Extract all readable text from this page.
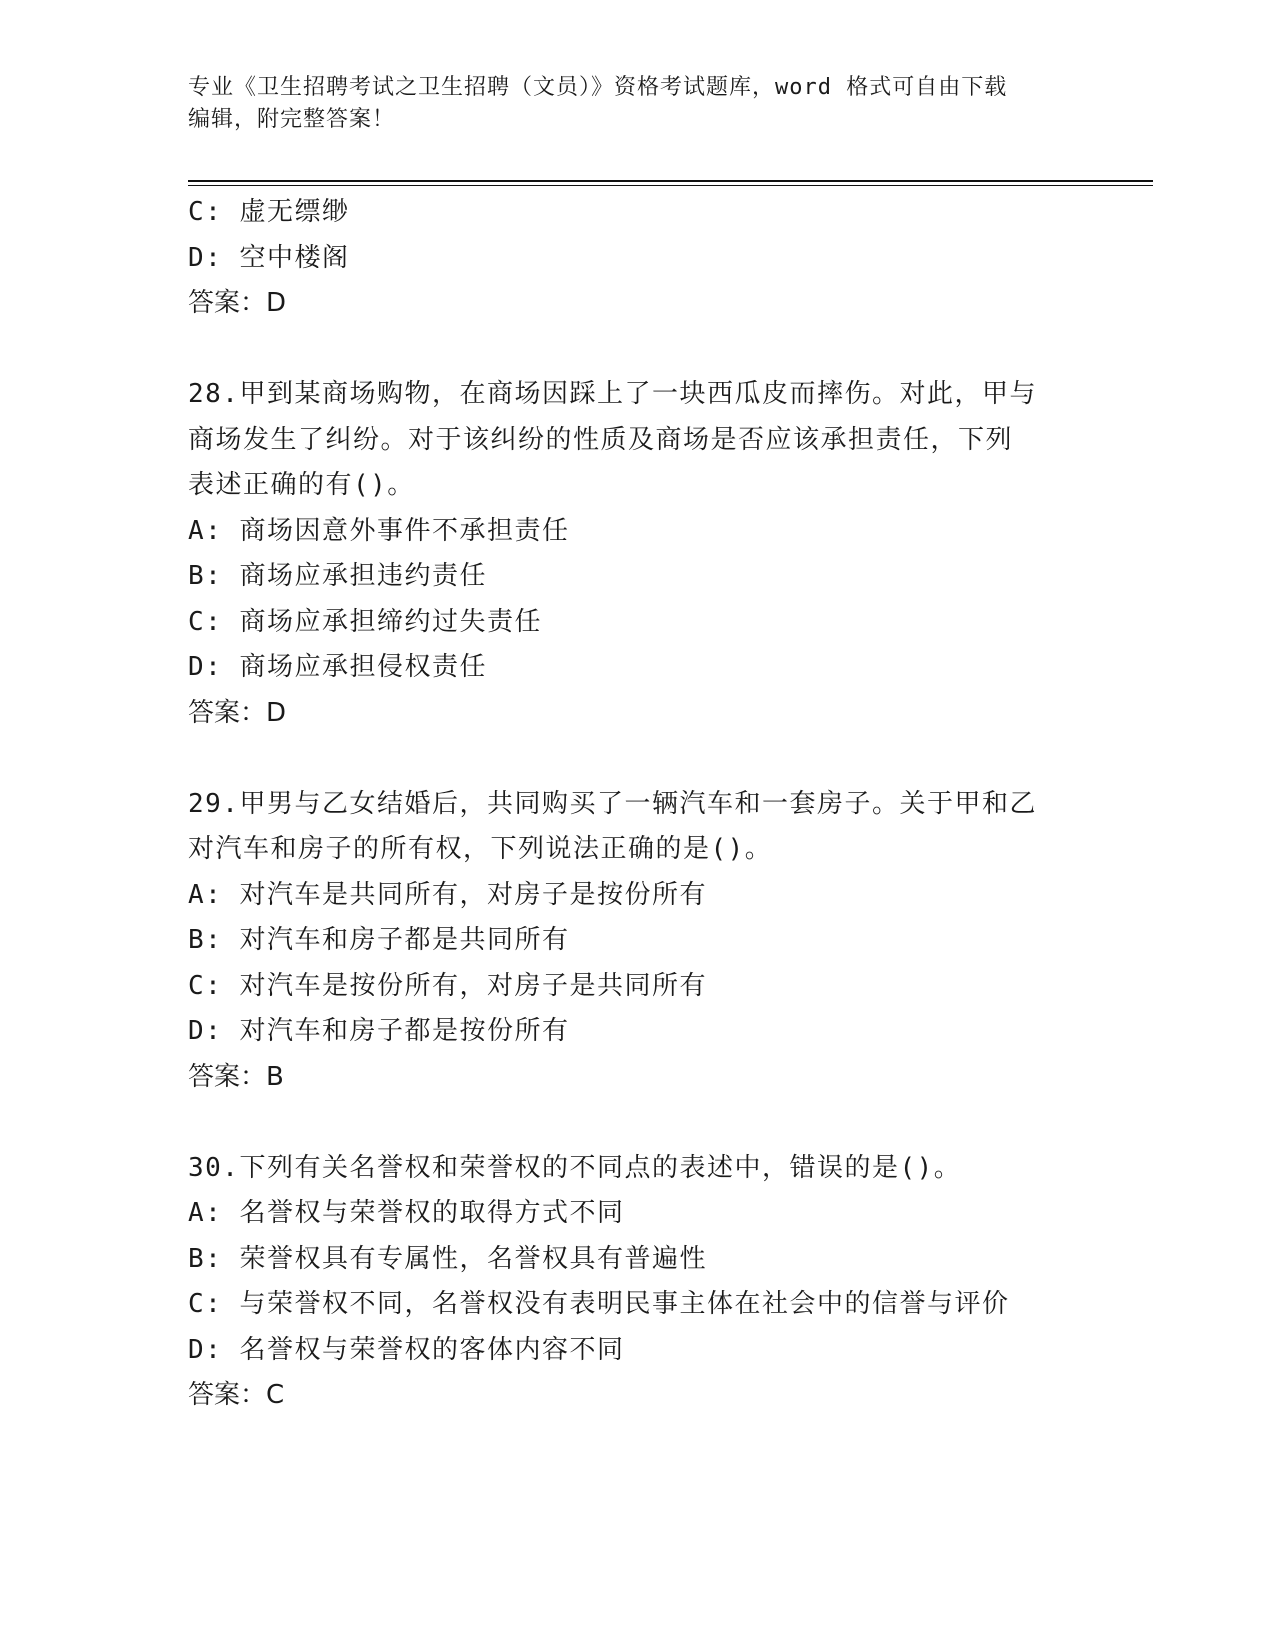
专业《卫生招聘考试之卫生招聘（文员）》资格考试题库，word 格式可自由下载
编辑，附完整答案！

C: 虚无缥缈

D: 空中楼阁

答案：D

28.甲到某商场购物，在商场因踩上了一块西瓜皮而摔伤。对此，甲与

商场发生了纠纷。对于该纠纷的性质及商场是否应该承担责任，下列

表述正确的有()。

A: 商场因意外事件不承担责任

B: 商场应承担违约责任

C: 商场应承担缔约过失责任

D: 商场应承担侵权责任

答案：D

29.甲男与乙女结婚后，共同购买了一辆汽车和一套房子。关于甲和乙

对汽车和房子的所有权，下列说法正确的是()。

A: 对汽车是共同所有，对房子是按份所有

B: 对汽车和房子都是共同所有

C: 对汽车是按份所有，对房子是共同所有

D: 对汽车和房子都是按份所有

答案：B

30.下列有关名誉权和荣誉权的不同点的表述中，错误的是()。

A: 名誉权与荣誉权的取得方式不同

B: 荣誉权具有专属性，名誉权具有普遍性

C: 与荣誉权不同，名誉权没有表明民事主体在社会中的信誉与评价

D: 名誉权与荣誉权的客体内容不同

答案：C
